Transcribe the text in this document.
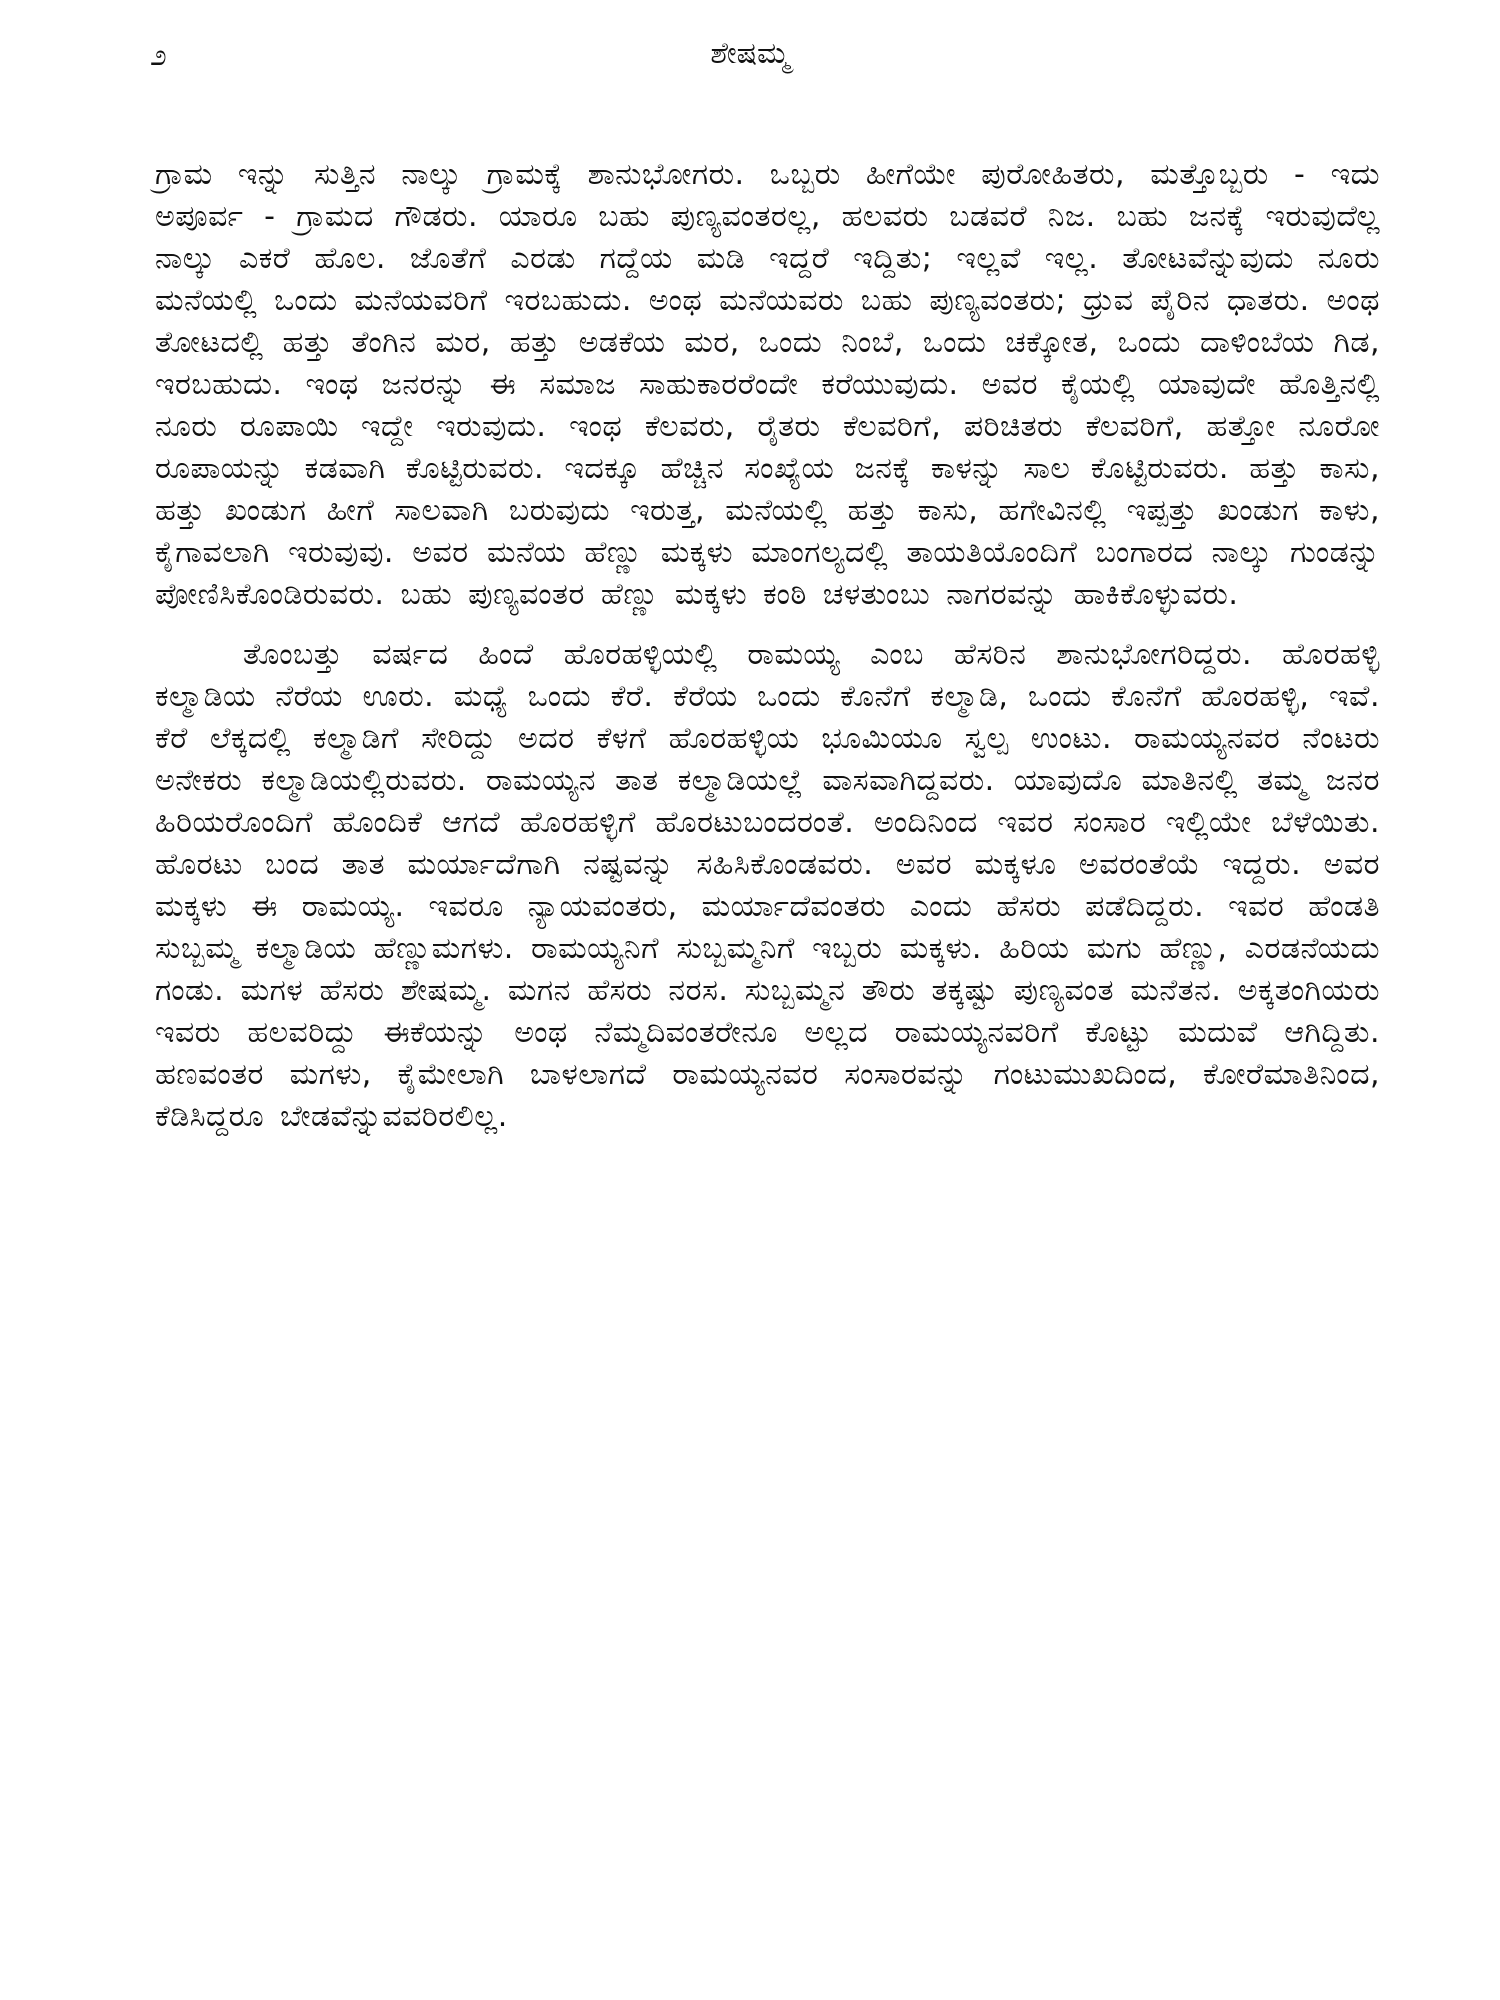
೨	ಶೇಷಮ್ಮ

ಗ್ರಾಮ ಇನ್ನು ಸುತ್ತಿನ ನಾಲ್ಕು ಗ್ರಾಮಕ್ಕೆ ಶಾನುಭೋಗರು. ಒಬ್ಬರು ಹೀಗೆಯೇ ಪುರೋಹಿತರು, ಮತ್ತೊಬ್ಬರು - ಇದು ಅಪೂರ್ವ - ಗ್ರಾಮದ ಗೌಡರು. ಯಾರೂ ಬಹು ಪುಣ್ಯವಂತರಲ್ಲ, ಹಲವರು ಬಡವರೆ ನಿಜ. ಬಹು ಜನಕ್ಕೆ ಇರುವುದೆಲ್ಲ ನಾಲ್ಕು ಎಕರೆ ಹೊಲ. ಜೊತೆಗೆ ಎರಡು ಗದ್ದೆಯ ಮಡಿ ಇದ್ದರೆ ಇದ್ದಿತು; ಇಲ್ಲವೆ ಇಲ್ಲ. ತೋಟವೆನ್ನುವುದು ನೂರು ಮನೆಯಲ್ಲಿ ಒಂದು ಮನೆಯವರಿಗೆ ಇರಬಹುದು. ಅಂಥ ಮನೆಯವರು ಬಹು ಪುಣ್ಯವಂತರು; ಧ್ರುವ ಪೈರಿನ ಧಾತರು. ಅಂಥ ತೋಟದಲ್ಲಿ ಹತ್ತು ತೆಂಗಿನ ಮರ, ಹತ್ತು ಅಡಕೆಯ ಮರ, ಒಂದು ನಿಂಬೆ, ಒಂದು ಚಕ್ಕೋತ, ಒಂದು ದಾಳಿಂಬೆಯ ಗಿಡ, ಇರಬಹುದು. ಇಂಥ ಜನರನ್ನು ಈ ಸಮಾಜ ಸಾಹುಕಾರರೆಂದೇ ಕರೆಯುವುದು. ಅವರ ಕೈಯಲ್ಲಿ ಯಾವುದೇ ಹೊತ್ತಿನಲ್ಲಿ ನೂರು ರೂಪಾಯಿ ಇದ್ದೇ ಇರುವುದು. ಇಂಥ ಕೆಲವರು, ರೈತರು ಕೆಲವರಿಗೆ, ಪರಿಚಿತರು ಕೆಲವರಿಗೆ, ಹತ್ತೋ ನೂರೋ ರೂಪಾಯನ್ನು ಕಡವಾಗಿ ಕೊಟ್ಟಿರುವರು. ಇದಕ್ಕೂ ಹೆಚ್ಚಿನ ಸಂಖ್ಯೆಯ ಜನಕ್ಕೆ ಕಾಳನ್ನು ಸಾಲ ಕೊಟ್ಟಿರುವರು. ಹತ್ತು ಕಾಸು, ಹತ್ತು ಖಂಡುಗ ಹೀಗೆ ಸಾಲವಾಗಿ ಬರುವುದು ಇರುತ್ತ, ಮನೆಯಲ್ಲಿ ಹತ್ತು ಕಾಸು, ಹಗೇವಿನಲ್ಲಿ ಇಪ್ಪತ್ತು ಖಂಡುಗ ಕಾಳು, ಕೈಗಾವಲಾಗಿ ಇರುವುವು. ಅವರ ಮನೆಯ ಹೆಣ್ಣು ಮಕ್ಕಳು ಮಾಂಗಲ್ಯದಲ್ಲಿ ತಾಯತಿಯೊಂದಿಗೆ ಬಂಗಾರದ ನಾಲ್ಕು ಗುಂಡನ್ನು ಪೋಣಿಸಿಕೊಂಡಿರುವರು. ಬಹು ಪುಣ್ಯವಂತರ ಹೆಣ್ಣು ಮಕ್ಕಳು ಕಂಠಿ ಚಳತುಂಬು ನಾಗರವನ್ನು ಹಾಕಿಕೊಳ್ಳುವರು.

ತೊಂಬತ್ತು ವರ್ಷದ ಹಿಂದೆ ಹೊರಹಳ್ಳಿಯಲ್ಲಿ ರಾಮಯ್ಯ ಎಂಬ ಹೆಸರಿನ ಶಾನುಭೋಗರಿದ್ದರು. ಹೊರಹಳ್ಳಿ ಕಲ್ಮಾಡಿಯ ನೆರೆಯ ಊರು. ಮಧ್ಯೆ ಒಂದು ಕೆರೆ. ಕೆರೆಯ ಒಂದು ಕೊನೆಗೆ ಕಲ್ಮಾಡಿ, ಒಂದು ಕೊನೆಗೆ ಹೊರಹಳ್ಳಿ, ಇವೆ. ಕೆರೆ ಲೆಕ್ಕದಲ್ಲಿ ಕಲ್ಮಾಡಿಗೆ ಸೇರಿದ್ದು ಅದರ ಕೆಳಗೆ ಹೊರಹಳ್ಳಿಯ ಭೂಮಿಯೂ ಸ್ವಲ್ಪ ಉಂಟು. ರಾಮಯ್ಯನವರ ನೆಂಟರು ಅನೇಕರು ಕಲ್ಮಾಡಿಯಲ್ಲಿರುವರು. ರಾಮಯ್ಯನ ತಾತ ಕಲ್ಮಾಡಿಯಲ್ಲೆ ವಾಸವಾಗಿದ್ದವರು. ಯಾವುದೊ ಮಾತಿನಲ್ಲಿ ತಮ್ಮ ಜನರ ಹಿರಿಯರೊಂದಿಗೆ ಹೊಂದಿಕೆ ಆಗದೆ ಹೊರಹಳ್ಳಿಗೆ ಹೊರಟುಬಂದರಂತೆ. ಅಂದಿನಿಂದ ಇವರ ಸಂಸಾರ ಇಲ್ಲಿಯೇ ಬೆಳೆಯಿತು. ಹೊರಟು ಬಂದ ತಾತ ಮರ್ಯಾದೆಗಾಗಿ ನಷ್ಟವನ್ನು ಸಹಿಸಿಕೊಂಡವರು. ಅವರ ಮಕ್ಕಳೂ ಅವರಂತೆಯೆ ಇದ್ದರು. ಅವರ ಮಕ್ಕಳು ಈ ರಾಮಯ್ಯ. ಇವರೂ ನ್ಯಾಯವಂತರು, ಮರ್ಯಾದೆವಂತರು ಎಂದು ಹೆಸರು ಪಡೆದಿದ್ದರು. ಇವರ ಹೆಂಡತಿ ಸುಬ್ಬಮ್ಮ ಕಲ್ಮಾಡಿಯ ಹೆಣ್ಣುಮಗಳು. ರಾಮಯ್ಯನಿಗೆ ಸುಬ್ಬಮ್ಮನಿಗೆ ಇಬ್ಬರು ಮಕ್ಕಳು. ಹಿರಿಯ ಮಗು ಹೆಣ್ಣು, ಎರಡನೆಯದು ಗಂಡು. ಮಗಳ ಹೆಸರು ಶೇಷಮ್ಮ. ಮಗನ ಹೆಸರು ನರಸ. ಸುಬ್ಬಮ್ಮನ ತೌರು ತಕ್ಕಷ್ಟು ಪುಣ್ಯವಂತ ಮನೆತನ. ಅಕ್ಕತಂಗಿಯರು ಇವರು ಹಲವರಿದ್ದು ಈಕೆಯನ್ನು ಅಂಥ ನೆಮ್ಮದಿವಂತರೇನೂ ಅಲ್ಲದ ರಾಮಯ್ಯನವರಿಗೆ ಕೊಟ್ಟು ಮದುವೆ ಆಗಿದ್ದಿತು. ಹಣವಂತರ ಮಗಳು, ಕೈಮೇಲಾಗಿ ಬಾಳಲಾಗದೆ ರಾಮಯ್ಯನವರ ಸಂಸಾರವನ್ನು ಗಂಟುಮುಖದಿಂದ, ಕೋರೆಮಾತಿನಿಂದ, ಕೆಡಿಸಿದ್ದರೂ ಬೇಡವೆನ್ನುವವರಿರಲಿಲ್ಲ.
